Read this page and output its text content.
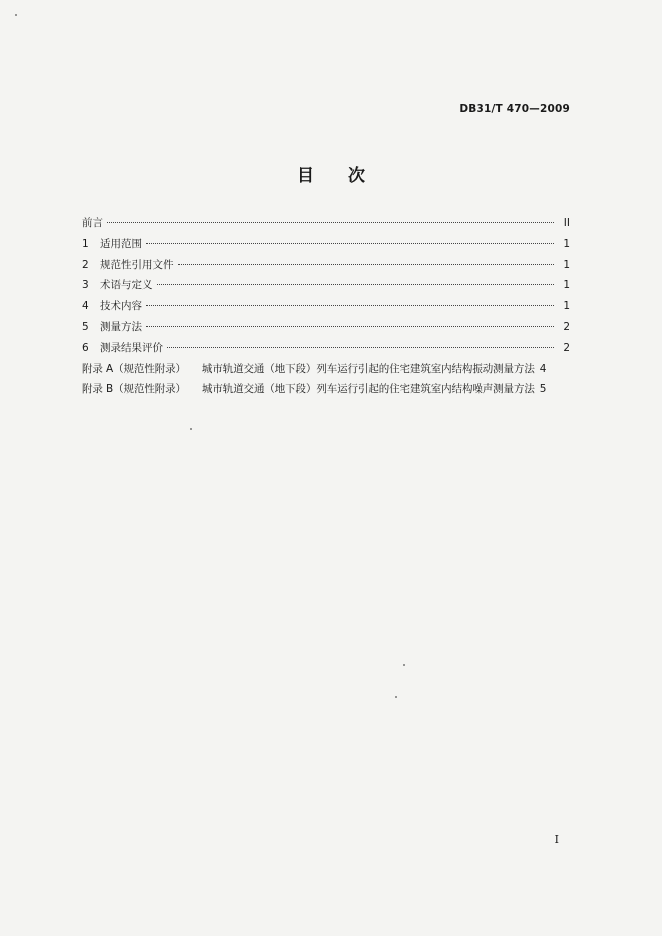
DB31/T 470—2009
目　　次
前言	II
1	适用范围	1
2	规范性引用文件	1
3	术语与定义	1
4	技术内容	1
5	测量方法	2
6	测录结果评价	2
附录 A（规范性附录） 城市轨道交通（地下段）列车运行引起的住宅建筑室内结构振动测量方法 4
附录 B（规范性附录） 城市轨道交通（地下段）列车运行引起的住宅建筑室内结构噪声测量方法 5
I
